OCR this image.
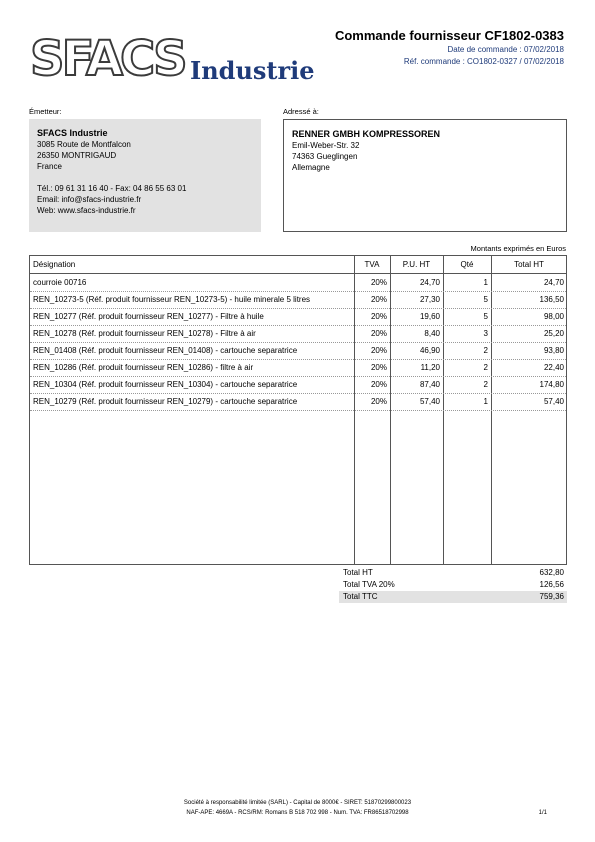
SFACS Industrie
Commande fournisseur CF1802-0383
Date de commande : 07/02/2018
Réf. commande : CO1802-0327 / 07/02/2018
Émetteur:	Adressé à:
SFACS Industrie
3085 Route de Montfalcon
26350 MONTRIGAUD
France
Tél.: 09 61 31 16 40 - Fax: 04 86 55 63 01
Email: info@sfacs-industrie.fr
Web: www.sfacs-industrie.fr
RENNER GMBH KOMPRESSOREN
Emil-Weber-Str. 32
74363 Gueglingen
Allemagne
Montants exprimés en Euros
Désignation	TVA	P.U. HT	Qté	Total HT
courroie 00716	20%	24,70	1	24,70
REN_10273-5 (Réf. produit fournisseur REN_10273-5) - huile minerale 5 litres	20%	27,30	5	136,50
REN_10277 (Réf. produit fournisseur REN_10277) - Filtre à huile	20%	19,60	5	98,00
REN_10278 (Réf. produit fournisseur REN_10278) - Filtre à air	20%	8,40	3	25,20
REN_01408 (Réf. produit fournisseur REN_01408) - cartouche separatrice	20%	46,90	2	93,80
REN_10286 (Réf. produit fournisseur REN_10286) - filtre à air	20%	11,20	2	22,40
REN_10304 (Réf. produit fournisseur REN_10304) - cartouche separatrice	20%	87,40	2	174,80
REN_10279 (Réf. produit fournisseur REN_10279) - cartouche separatrice	20%	57,40	1	57,40
Total HT	632,80
Total TVA 20%	126,56
Total TTC	759,36
Société à responsabilité limitée (SARL) - Capital de 8000€ - SIRET: 51870299800023
NAF-APE: 4669A - RCS/RM: Romans B 518 702 998 - Num. TVA: FR86518702998	1/1
